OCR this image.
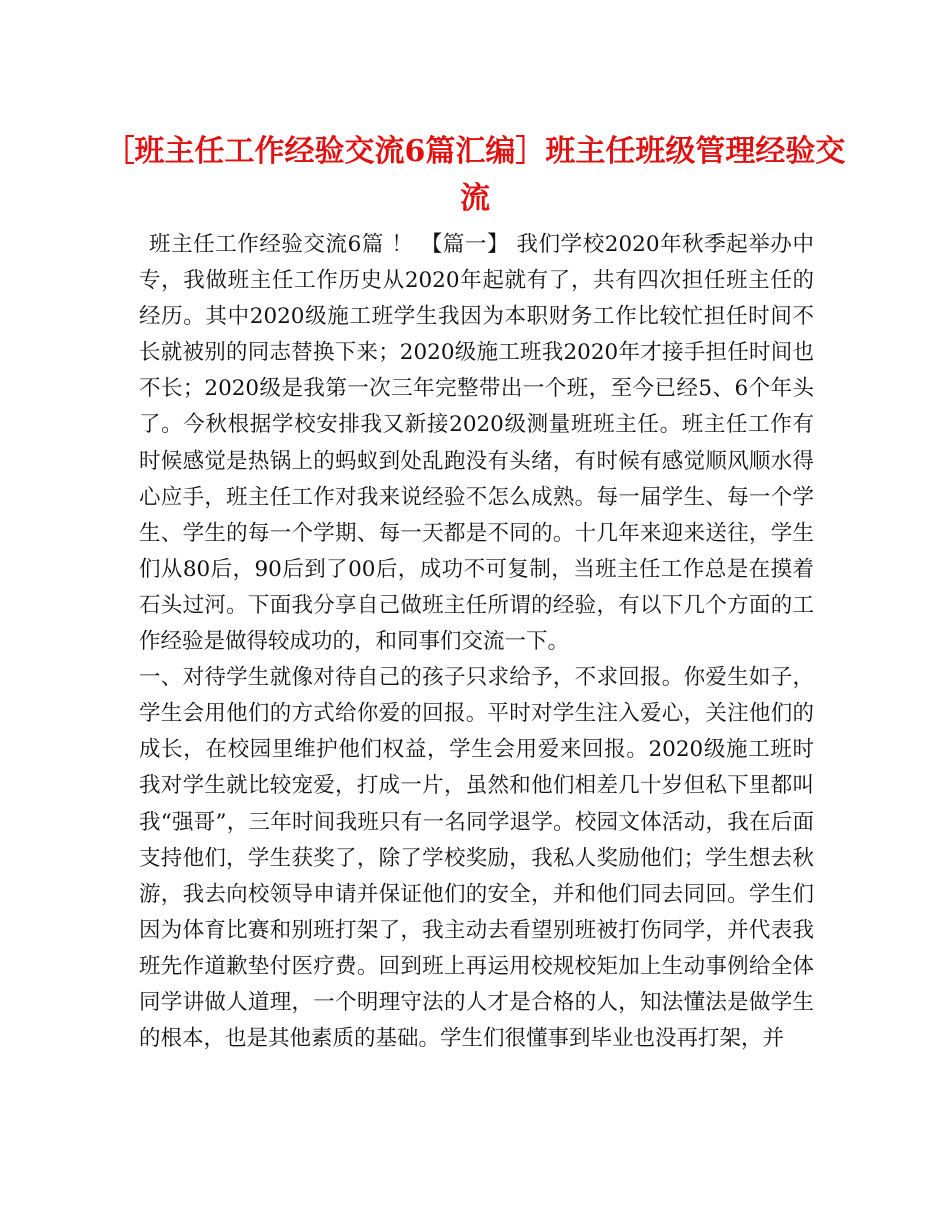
［班主任工作经验交流6篇汇编］班主任班级管理经验交流

班主任工作经验交流6篇 ！ 【篇一】 我们学校2020年秋季起举办中专，我做班主任工作历史从2020年起就有了，共有四次担任班主任的经历。其中2020级施工班学生我因为本职财务工作比较忙担任时间不长就被别的同志替换下来；2020级施工班我2020年才接手担任时间也不长；2020级是我第一次三年完整带出一个班，至今已经5、6个年头了。今秋根据学校安排我又新接2020级测量班班主任。班主任工作有时候感觉是热锅上的蚂蚁到处乱跑没有头绪，有时候有感觉顺风顺水得心应手，班主任工作对我来说经验不怎么成熟。每一届学生、每一个学生、学生的每一个学期、每一天都是不同的。十几年来迎来送往，学生们从80后，90后到了00后，成功不可复制，当班主任工作总是在摸着石头过河。下面我分享自己做班主任所谓的经验，有以下几个方面的工作经验是做得较成功的，和同事们交流一下。

一、对待学生就像对待自己的孩子只求给予，不求回报。你爱生如子，学生会用他们的方式给你爱的回报。平时对学生注入爱心，关注他们的成长，在校园里维护他们权益，学生会用爱来回报。2020级施工班时我对学生就比较宠爱，打成一片，虽然和他们相差几十岁但私下里都叫我“强哥”，三年时间我班只有一名同学退学。校园文体活动，我在后面支持他们，学生获奖了，除了学校奖励，我私人奖励他们；学生想去秋游，我去向校领导申请并保证他们的安全，并和他们同去同回。学生们因为体育比赛和别班打架了，我主动去看望别班被打伤同学，并代表我班先作道歉垫付医疗费。回到班上再运用校规校矩加上生动事例给全体同学讲做人道理，一个明理守法的人才是合格的人，知法懂法是做学生的根本，也是其他素质的基础。学生们很懂事到毕业也没再打架，并
